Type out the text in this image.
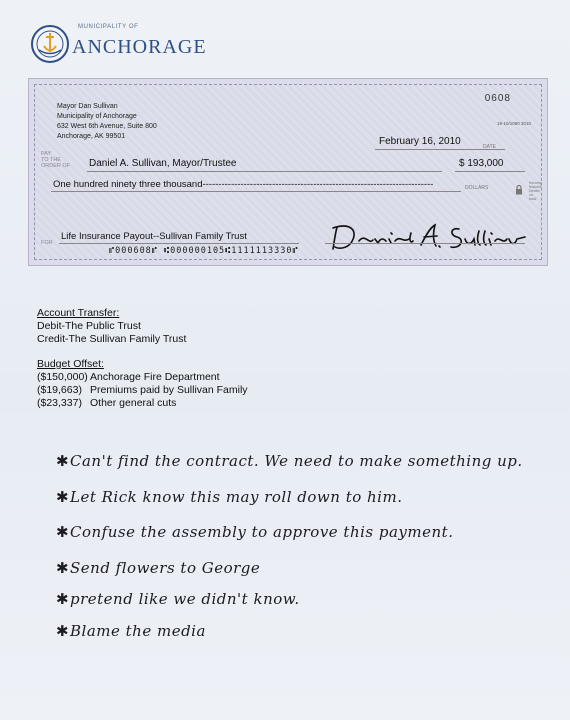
MUNICIPALITY OF
ANCHORAGE
Mayor Dan Sullivan
Municipality of Anchorage
632 West 6th Avenue, Suite 800
Anchorage, AK 99501
0608
19-10/1090 3010
February 16, 2010	DATE
PAY
TO THE
ORDER OF Daniel A. Sullivan, Mayor/Trustee	$ 193,000
One hundred ninety three thousand-------------------------------------------------------------------------	DOLLARS
Security
features
Details on
back
FOR
Life Insurance Payout--Sullivan Family Trust
⑈000608⑈ ⑆000000105⑆1111113330⑈
Account Transfer:
Debit-The Public Trust
Credit-The Sullivan Family Trust
Budget Offset:
($150,000) Anchorage Fire Department
($19,663) Premiums paid by Sullivan Family
($23,337) Other general cuts
✱Can't find the contract. We need to make something up.
✱Let Rick know this may roll down to him.
✱Confuse the assembly to approve this payment.
✱Send flowers to George
✱pretend like we didn't know.
✱Blame the media
